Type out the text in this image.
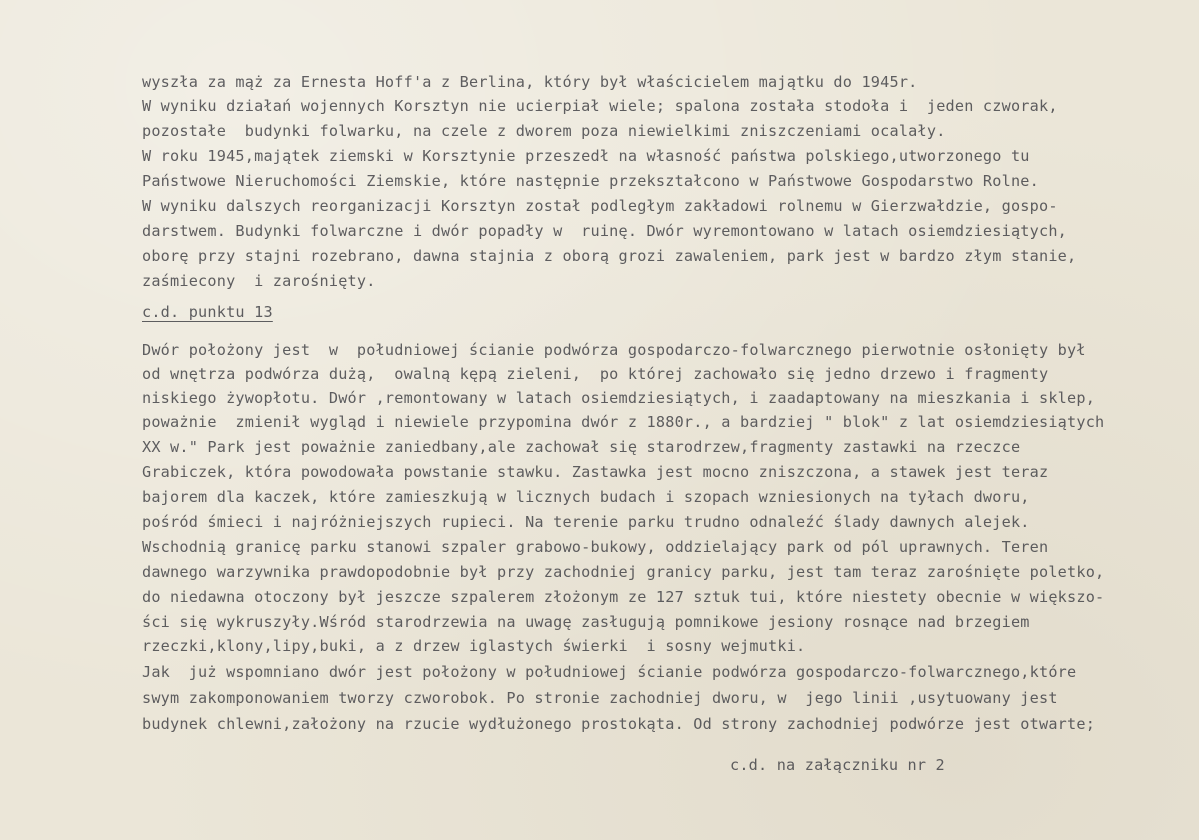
wyszła za mąż za Ernesta Hoff'a z Berlina, który był właścicielem majątku do 1945r.
W wyniku działań wojennych Korsztyn nie ucierpiał wiele; spalona została stodoła i  jeden czworak,
pozostałe  budynki folwarku, na czele z dworem poza niewielkimi zniszczeniami ocalały.
W roku 1945,majątek ziemski w Korsztynie przeszedł na własność państwa polskiego,utworzonego tu
Państwowe Nieruchomości Ziemskie, które następnie przekształcono w Państwowe Gospodarstwo Rolne.
W wyniku dalszych reorganizacji Korsztyn został podległym zakładowi rolnemu w Gierzwałdzie, gospo-
darstwem. Budynki folwarczne i dwór popadły w  ruinę. Dwór wyremontowano w latach osiemdziesiątych,
oborę przy stajni rozebrano, dawna stajnia z oborą grozi zawaleniem, park jest w bardzo złym stanie,
zaśmiecony  i zarośnięty.
c.d. punktu 13
Dwór położony jest  w  południowej ścianie podwórza gospodarczo-folwarcznego pierwotnie osłonięty był
od wnętrza podwórza dużą,  owalną kępą zieleni,  po której zachowało się jedno drzewo i fragmenty
niskiego żywopłotu. Dwór ,remontowany w latach osiemdziesiątych, i zaadaptowany na mieszkania i sklep,
poważnie  zmienił wygląd i niewiele przypomina dwór z 1880r., a bardziej " blok" z lat osiemdziesiątych
XX w." Park jest poważnie zaniedbany,ale zachował się starodrzew,fragmenty zastawki na rzeczce
Grabiczek, która powodowała powstanie stawku. Zastawka jest mocno zniszczona, a stawek jest teraz
bajorem dla kaczek, które zamieszkują w licznych budach i szopach wzniesionych na tyłach dworu,
pośród śmieci i najróżniejszych rupieci. Na terenie parku trudno odnaleźć ślady dawnych alejek.
Wschodnią granicę parku stanowi szpaler grabowo-bukowy, oddzielający park od pól uprawnych. Teren
dawnego warzywnika prawdopodobnie był przy zachodniej granicy parku, jest tam teraz zarośnięte poletko,
do niedawna otoczony był jeszcze szpalerem złożonym ze 127 sztuk tui, które niestety obecnie w większo-
ści się wykruszyły.Wśród starodrzewia na uwagę zasługują pomnikowe jesiony rosnące nad brzegiem
rzeczki,klony,lipy,buki, a z drzew iglastych świerki  i sosny wejmutki.
Jak  już wspomniano dwór jest położony w południowej ścianie podwórza gospodarczo-folwarcznego,które
swym zakomponowaniem tworzy czworobok. Po stronie zachodniej dworu, w  jego linii ,usytuowany jest
budynek chlewni,założony na rzucie wydłużonego prostokąta. Od strony zachodniej podwórze jest otwarte;
c.d. na załączniku nr 2
